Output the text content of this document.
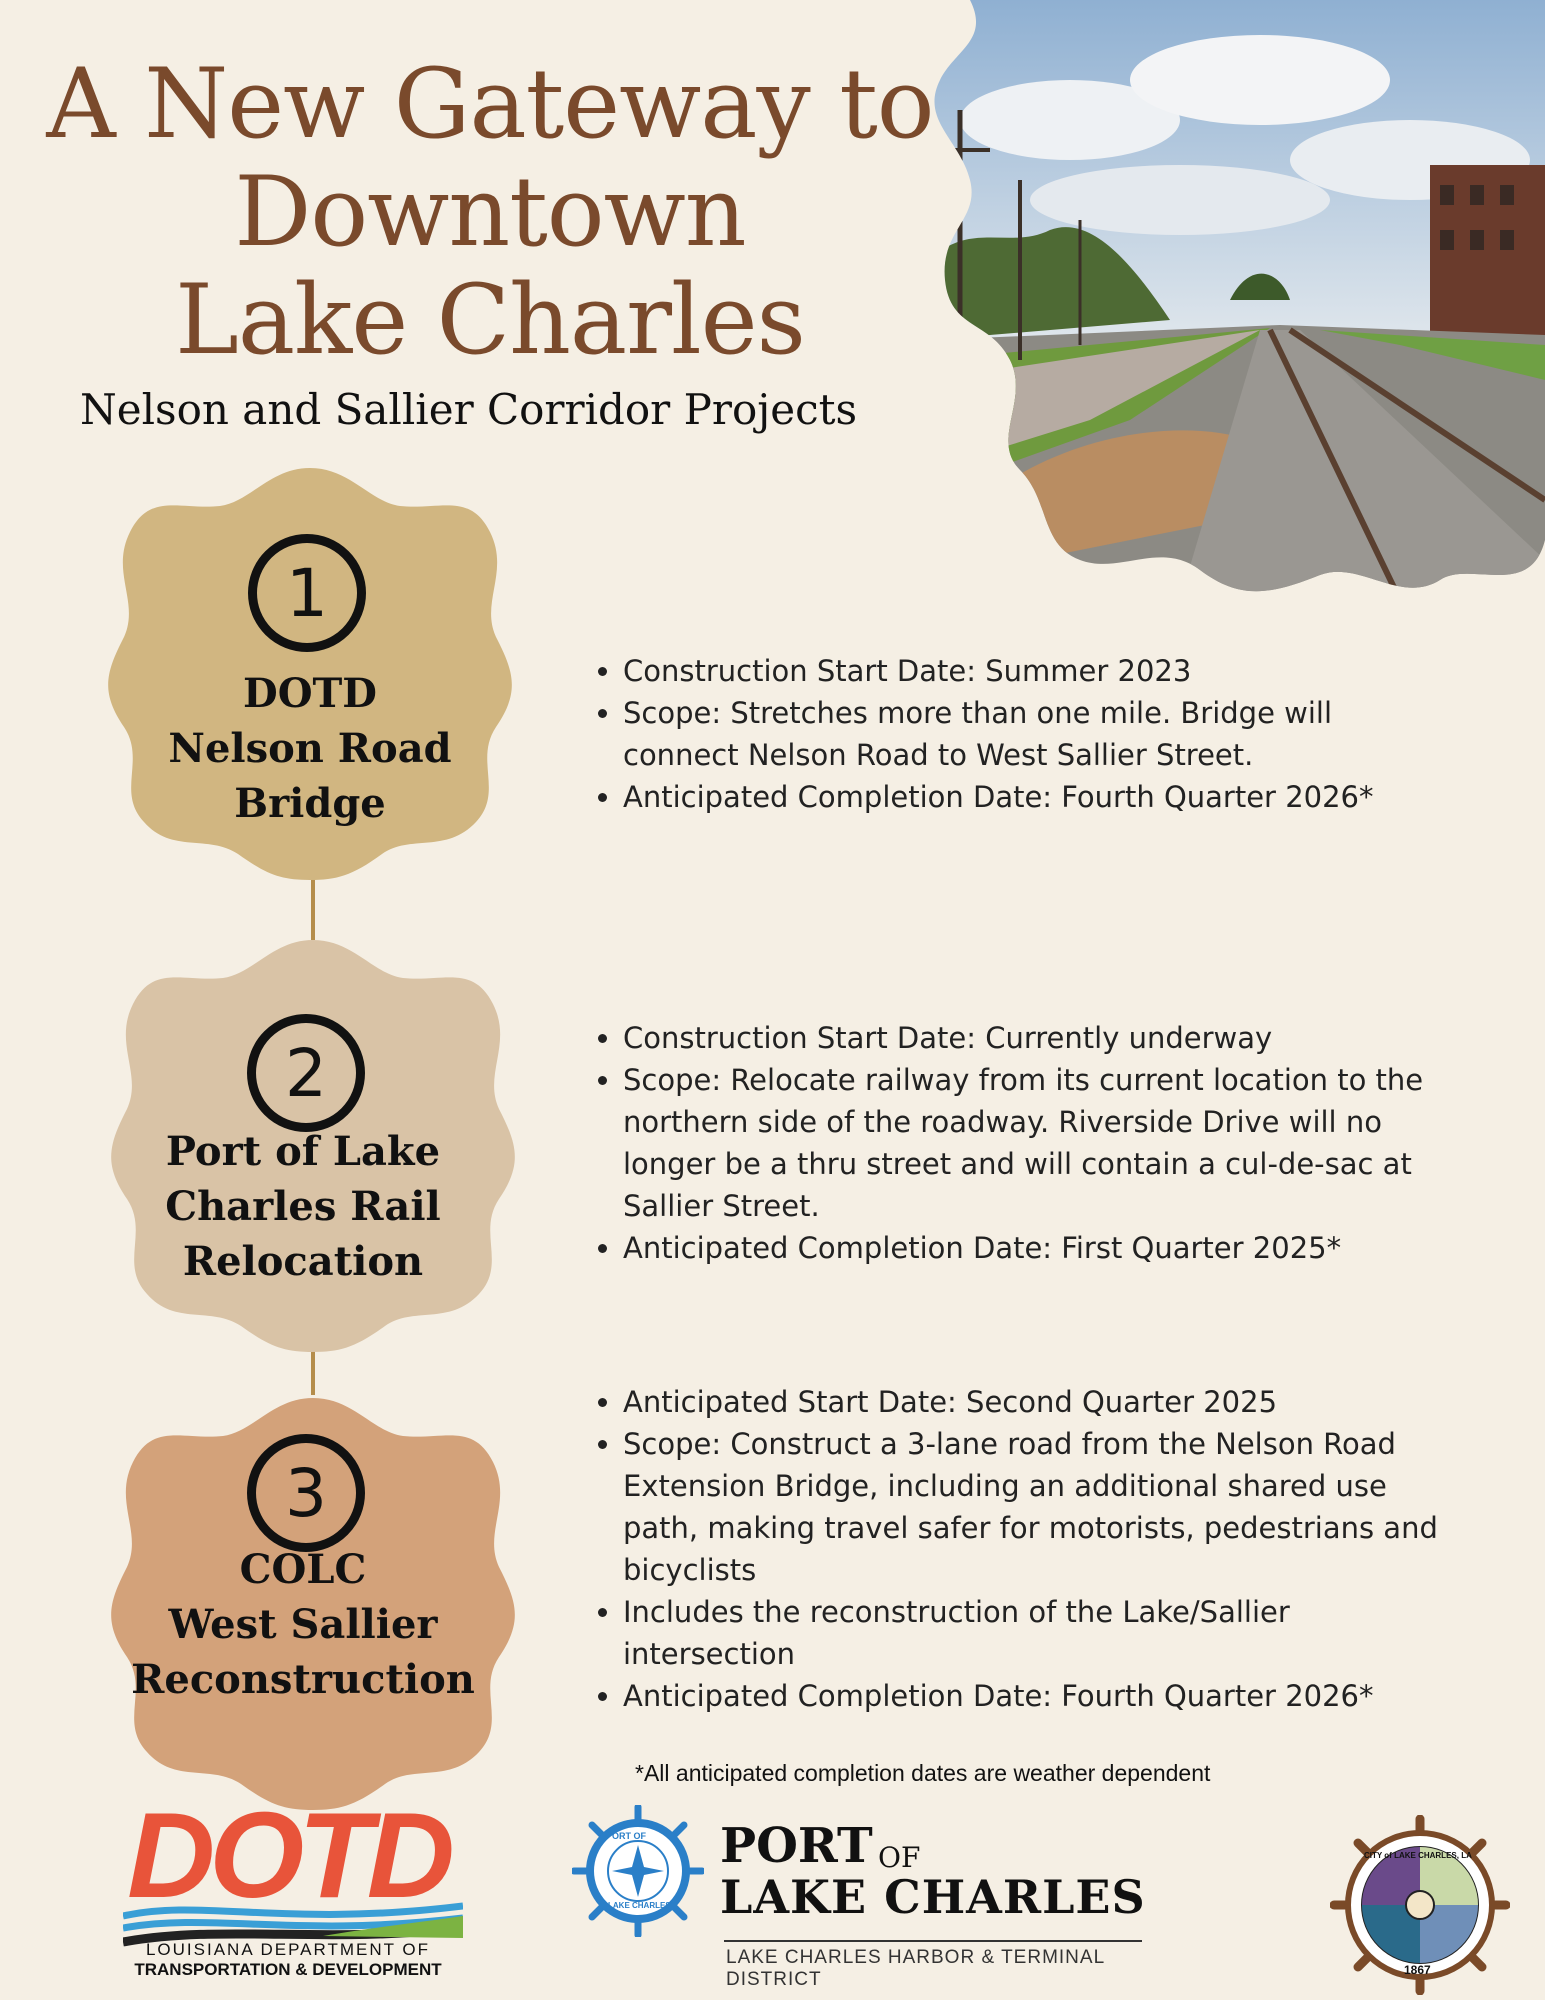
A New Gateway to
Downtown
Lake Charles
Nelson and Sallier Corridor Projects
1
DOTD
Nelson Road
Bridge
2
Port of Lake
Charles Rail
Relocation
3
COLC
West Sallier
Reconstruction
• Construction Start Date: Summer 2023
• Scope: Stretches more than one mile. Bridge will connect Nelson Road to West Sallier Street.
• Anticipated Completion Date: Fourth Quarter 2026*
• Construction Start Date: Currently underway
• Scope: Relocate railway from its current location to the northern side of the roadway. Riverside Drive will no longer be a thru street and will contain a cul-de-sac at Sallier Street.
• Anticipated Completion Date: First Quarter 2025*
• Anticipated Start Date: Second Quarter 2025
• Scope: Construct a 3-lane road from the Nelson Road Extension Bridge, including an additional shared use path, making travel safer for motorists, pedestrians and bicyclists
• Includes the reconstruction of the Lake/Sallier intersection
• Anticipated Completion Date: Fourth Quarter 2026*
*All anticipated completion dates are weather dependent
DOTD
LOUISIANA DEPARTMENT OF
TRANSPORTATION & DEVELOPMENT
PORT OF
LAKE CHARLES
PORT OF
LAKE CHARLES
LAKE CHARLES HARBOR & TERMINAL DISTRICT
CITY of LAKE CHARLES, LA
1867
